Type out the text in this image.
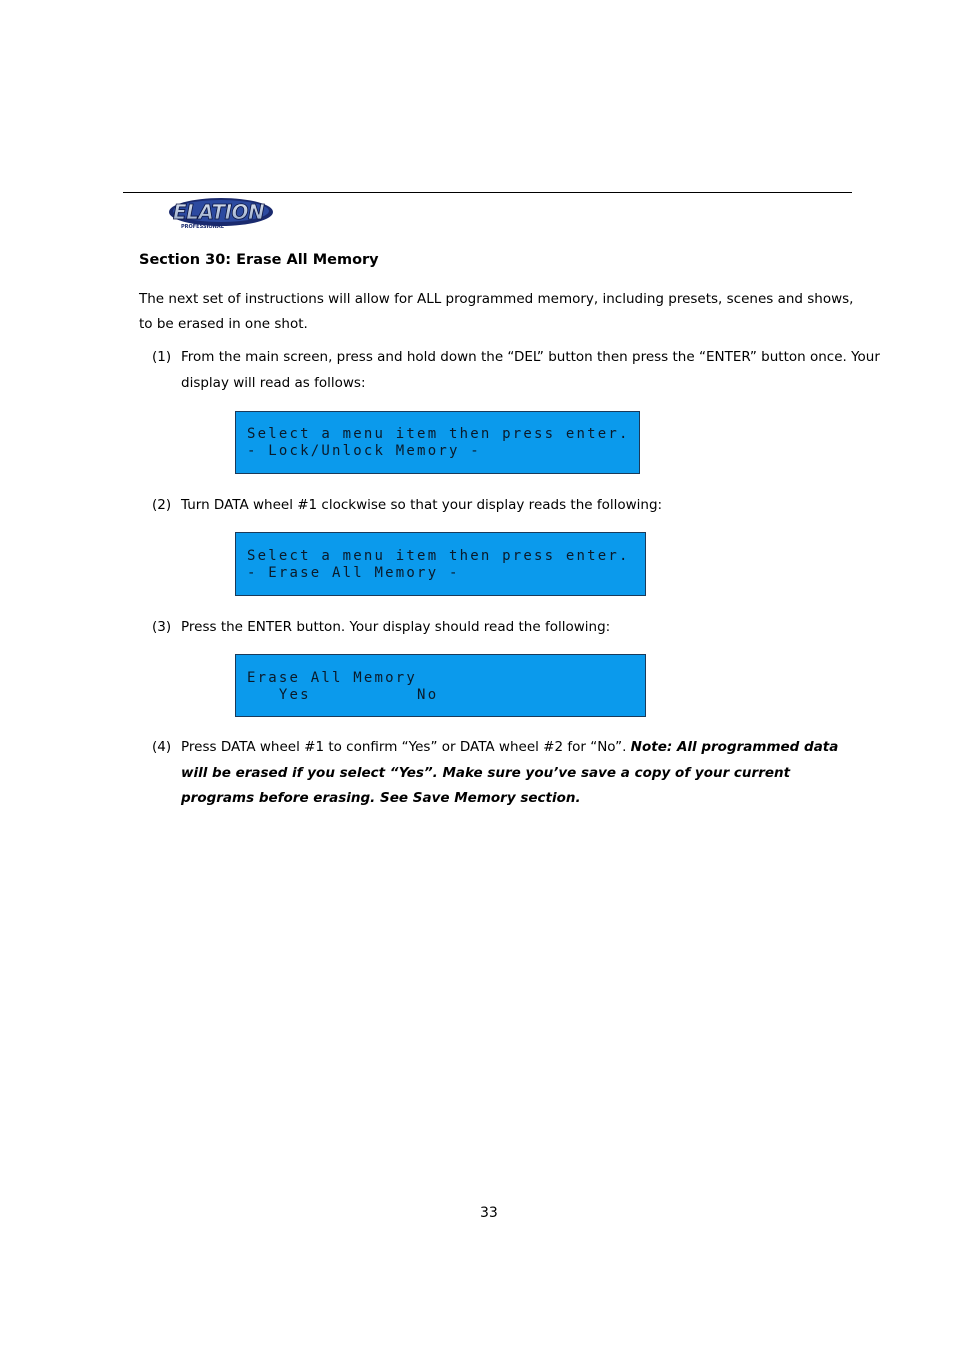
ELATION
PROFESSIONAL
Section 30: Erase All Memory
The next set of instructions will allow for ALL programmed memory, including presets, scenes and shows,
to be erased in one shot.
(1) From the main screen, press and hold down the “DEL” button then press the “ENTER” button once. Your
display will read as follows:
Select a menu item then press enter.
- Lock/Unlock Memory -
(2) Turn DATA wheel #1 clockwise so that your display reads the following:
Select a menu item then press enter.
- Erase All Memory -
(3) Press the ENTER button. Your display should read the following:
Erase All Memory
Yes          No
(4) Press DATA wheel #1 to confirm “Yes” or DATA wheel #2 for “No”. Note: All programmed data
will be erased if you select “Yes”. Make sure you’ve save a copy of your current
programs before erasing. See Save Memory section.
33
